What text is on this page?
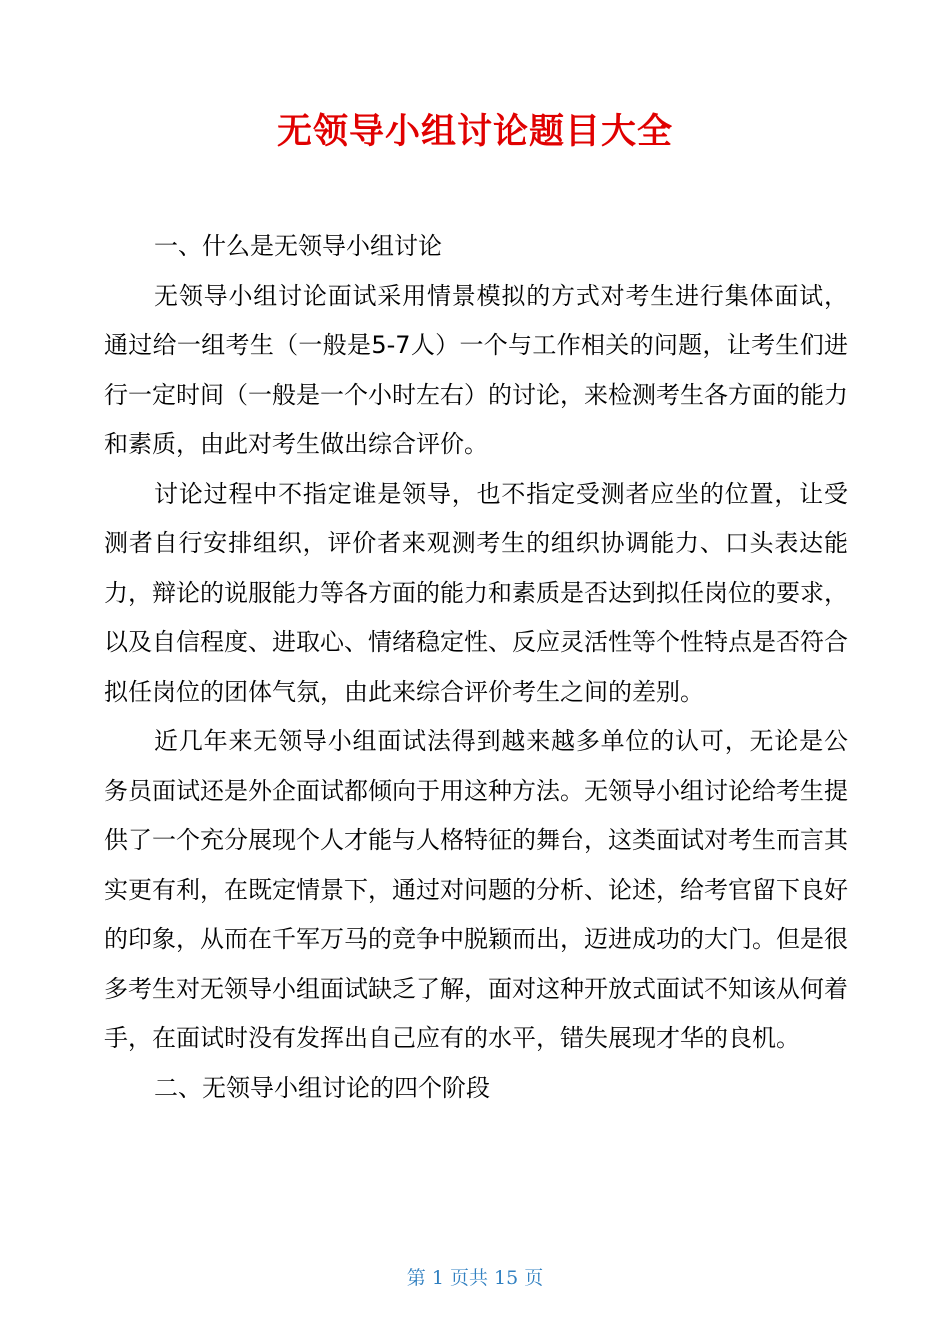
无领导小组讨论题目大全

一、什么是无领导小组讨论

无领导小组讨论面试采用情景模拟的方式对考生进行集体面试，通过给一组考生（一般是5-7人）一个与工作相关的问题，让考生们进行一定时间（一般是一个小时左右）的讨论，来检测考生各方面的能力和素质，由此对考生做出综合评价。

讨论过程中不指定谁是领导，也不指定受测者应坐的位置，让受测者自行安排组织，评价者来观测考生的组织协调能力、口头表达能力，辩论的说服能力等各方面的能力和素质是否达到拟任岗位的要求，以及自信程度、进取心、情绪稳定性、反应灵活性等个性特点是否符合拟任岗位的团体气氛，由此来综合评价考生之间的差别。

近几年来无领导小组面试法得到越来越多单位的认可，无论是公务员面试还是外企面试都倾向于用这种方法。无领导小组讨论给考生提供了一个充分展现个人才能与人格特征的舞台，这类面试对考生而言其实更有利，在既定情景下，通过对问题的分析、论述，给考官留下良好的印象，从而在千军万马的竞争中脱颖而出，迈进成功的大门。但是很多考生对无领导小组面试缺乏了解，面对这种开放式面试不知该从何着手，在面试时没有发挥出自己应有的水平，错失展现才华的良机。

二、无领导小组讨论的四个阶段

第 1 页共 15 页
